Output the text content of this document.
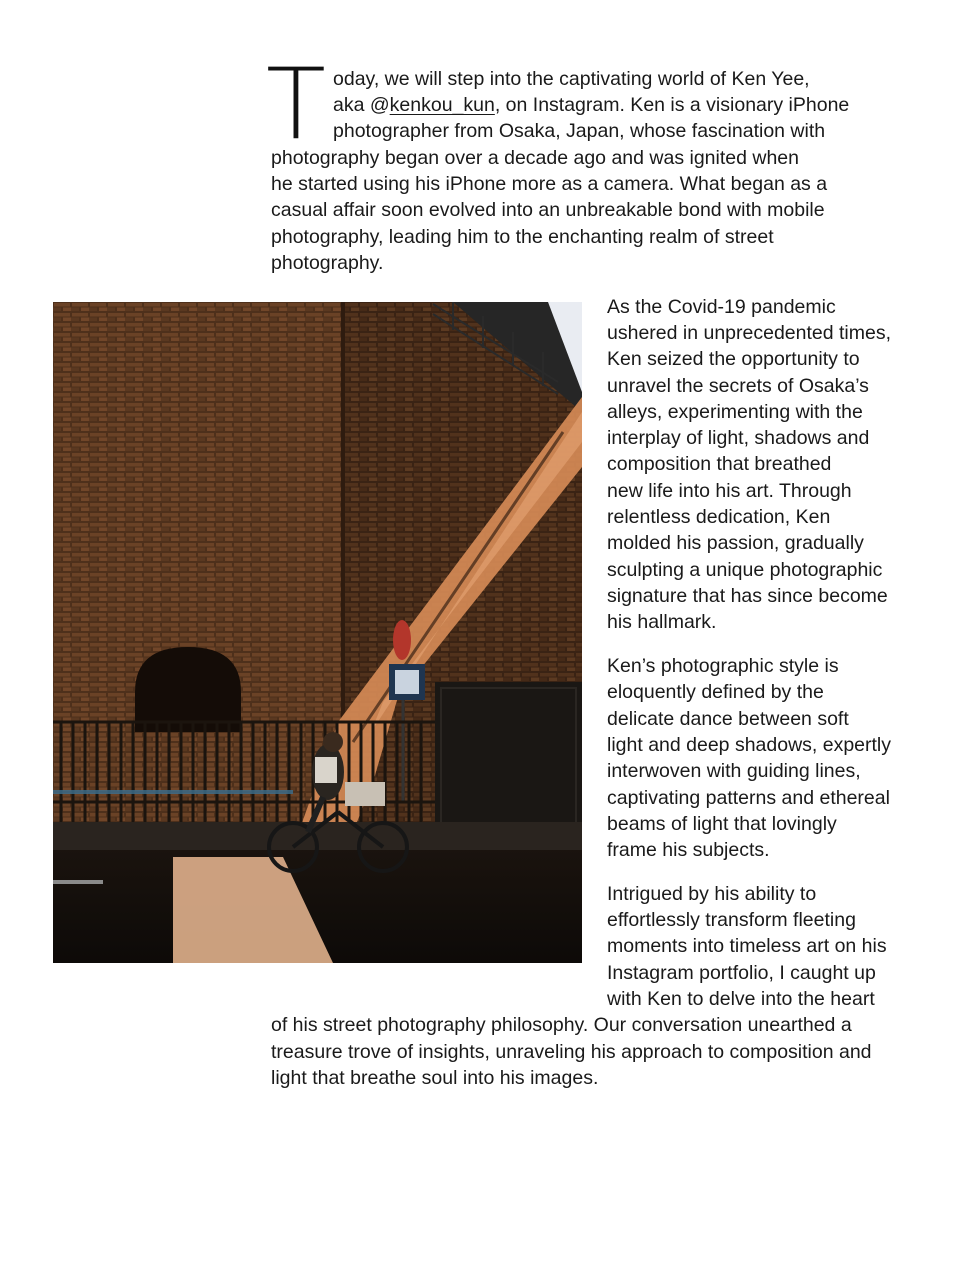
T oday, we will step into the captivating world of Ken Yee,

aka @kenkou_kun, on Instagram. Ken is a visionary iPhone

photographer from Osaka, Japan, whose fascination with

photography began over a decade ago and was ignited when

he started using his iPhone more as a camera. What began as a

casual affair soon evolved into an unbreakable bond with mobile

photography, leading him to the enchanting realm of street

photography.

As the Covid-19 pandemic

ushered in unprecedented times,

Ken seized the opportunity to

unravel the secrets of Osaka’s

alleys, experimenting with the

interplay of light, shadows and

composition that breathed

new life into his art. Through

relentless dedication, Ken

molded his passion, gradually

sculpting a unique photographic

signature that has since become

his hallmark.

Ken’s photographic style is

eloquently defined by the

delicate dance between soft

light and deep shadows, expertly

interwoven with guiding lines,

captivating patterns and ethereal

beams of light that lovingly

frame his subjects.

Intrigued by his ability to

effortlessly transform fleeting

moments into timeless art on his

Instagram portfolio, I caught up

with Ken to delve into the heart

of his street photography philosophy. Our conversation unearthed a

treasure trove of insights, unraveling his approach to composition and

light that breathe soul into his images.
